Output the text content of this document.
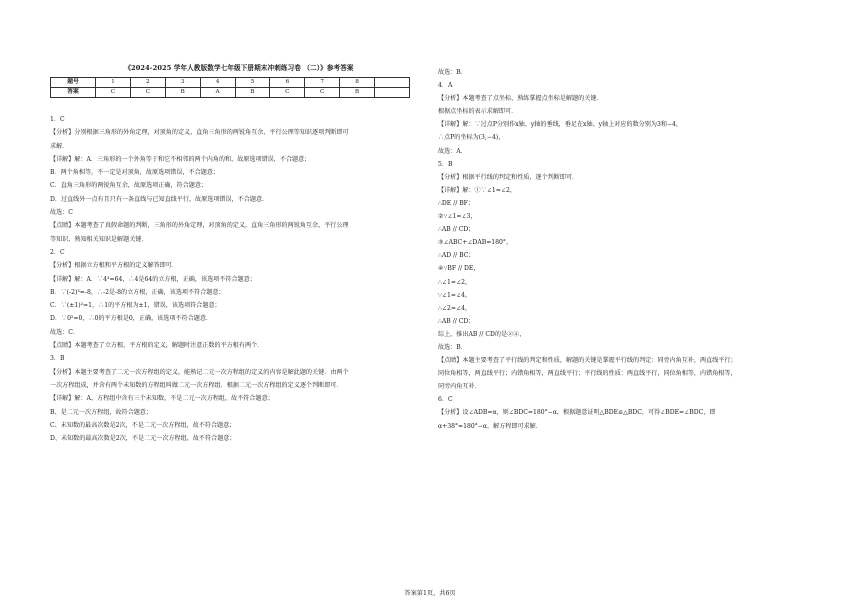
《2024-2025 学年人教版数学七年级下册期末冲刺练习卷 （二）》参考答案
题号	1	2	3	4	5	6	7	8	
答案	C	C	B	A	B	C	C	B	
1．C
【分析】分别根据三角形的外角定理，对顶角的定义，直角三角形的两锐角互余，平行公理等知识逐项判断即可
求解．
【详解】解：A．三角形的一个外角等于和它不相邻的两个内角的和，故原选项错误，不合题意；
B．两个角相等，不一定是对顶角，故原选项错误，不合题意；
C．直角三角形的两锐角互余，故原选项正确，符合题意；
D．过直线外一点有且只有一条直线与已知直线平行，故原选项错误，不合题意．
故选：C
【点睛】本题考查了真假命题的判断，三角形的外角定理，对顶角的定义，直角三角形的两锐角互余，平行公理
等知识，熟知相关知识是解题关键．
2．C
【分析】根据立方根和平方根的定义解答即可．
【详解】解：A．∵4³=64，∴4是64的立方根，正确，该选项不符合题意；
B．∵(-2)³=-8，∴-2是-8的立方根，正确，该选项不符合题意；
C．∵(±1)²=1，∴1的平方根为±1，错误，该选项符合题意；
D．∵0²=0，∴0的平方根是0，正确，该选项不符合题意．
故选：C．
【点睛】本题考查了立方根，平方根的定义，解题时注意正数的平方根有两个．
3．B
【分析】本题主要考查了二元一次方程组的定义，能熟记二元一次方程组的定义的内容是解此题的关键．由两个
一次方程组成，并含有两个未知数的方程组叫做二元一次方程组．根据二元一次方程组的定义逐个判断即可．
【详解】解：A、方程组中含有三个未知数，不是二元一次方程组，故不符合题意；
B、是二元一次方程组，故符合题意；
C、未知数的最高次数是2次，不是二元一次方程组，故不符合题意；
D、未知数的最高次数是2次，不是二元一次方程组，故不符合题意；
故选：B．
4．A
【分析】本题考查了点坐标，熟练掌握点坐标是解题的关键．
根据点坐标的表示求解即可．
【详解】解：∵过点P分别作x轴、y轴的垂线，垂足在x轴、y轴上对应的数分别为3和−4，
∴点P的坐标为(3,−4)，
故选：A．
5．B
【分析】根据平行线的判定和性质，逐个判断即可．
【详解】解：①∵∠1=∠2，
∴DE // BF；
②∵∠1=∠3，
∴AB // CD；
③∠ABC+∠DAB=180°，
∴AD // BC；
④∵BF // DE，
∴∠1=∠2，
∵∠1=∠4，
∴∠2=∠4，
∴AB // CD；
综上，推出AB // CD的是②④，
故选：B．
【点睛】本题主要考查了平行线的判定和性质，解题的关键是掌握平行线的判定：同旁内角互补，两直线平行；
同位角相等，两直线平行；内错角相等，两直线平行；平行线的性质：两直线平行，同位角相等，内错角相等，
同旁内角互补．
6．C
【分析】设∠ADB=α，则∠BDC=180°−α，根据题意证明△BDE≌△BDC，可得∠BDE=∠BDC，即
α+38°=180°−α，解方程即可求解．
答案第1页，共6页
